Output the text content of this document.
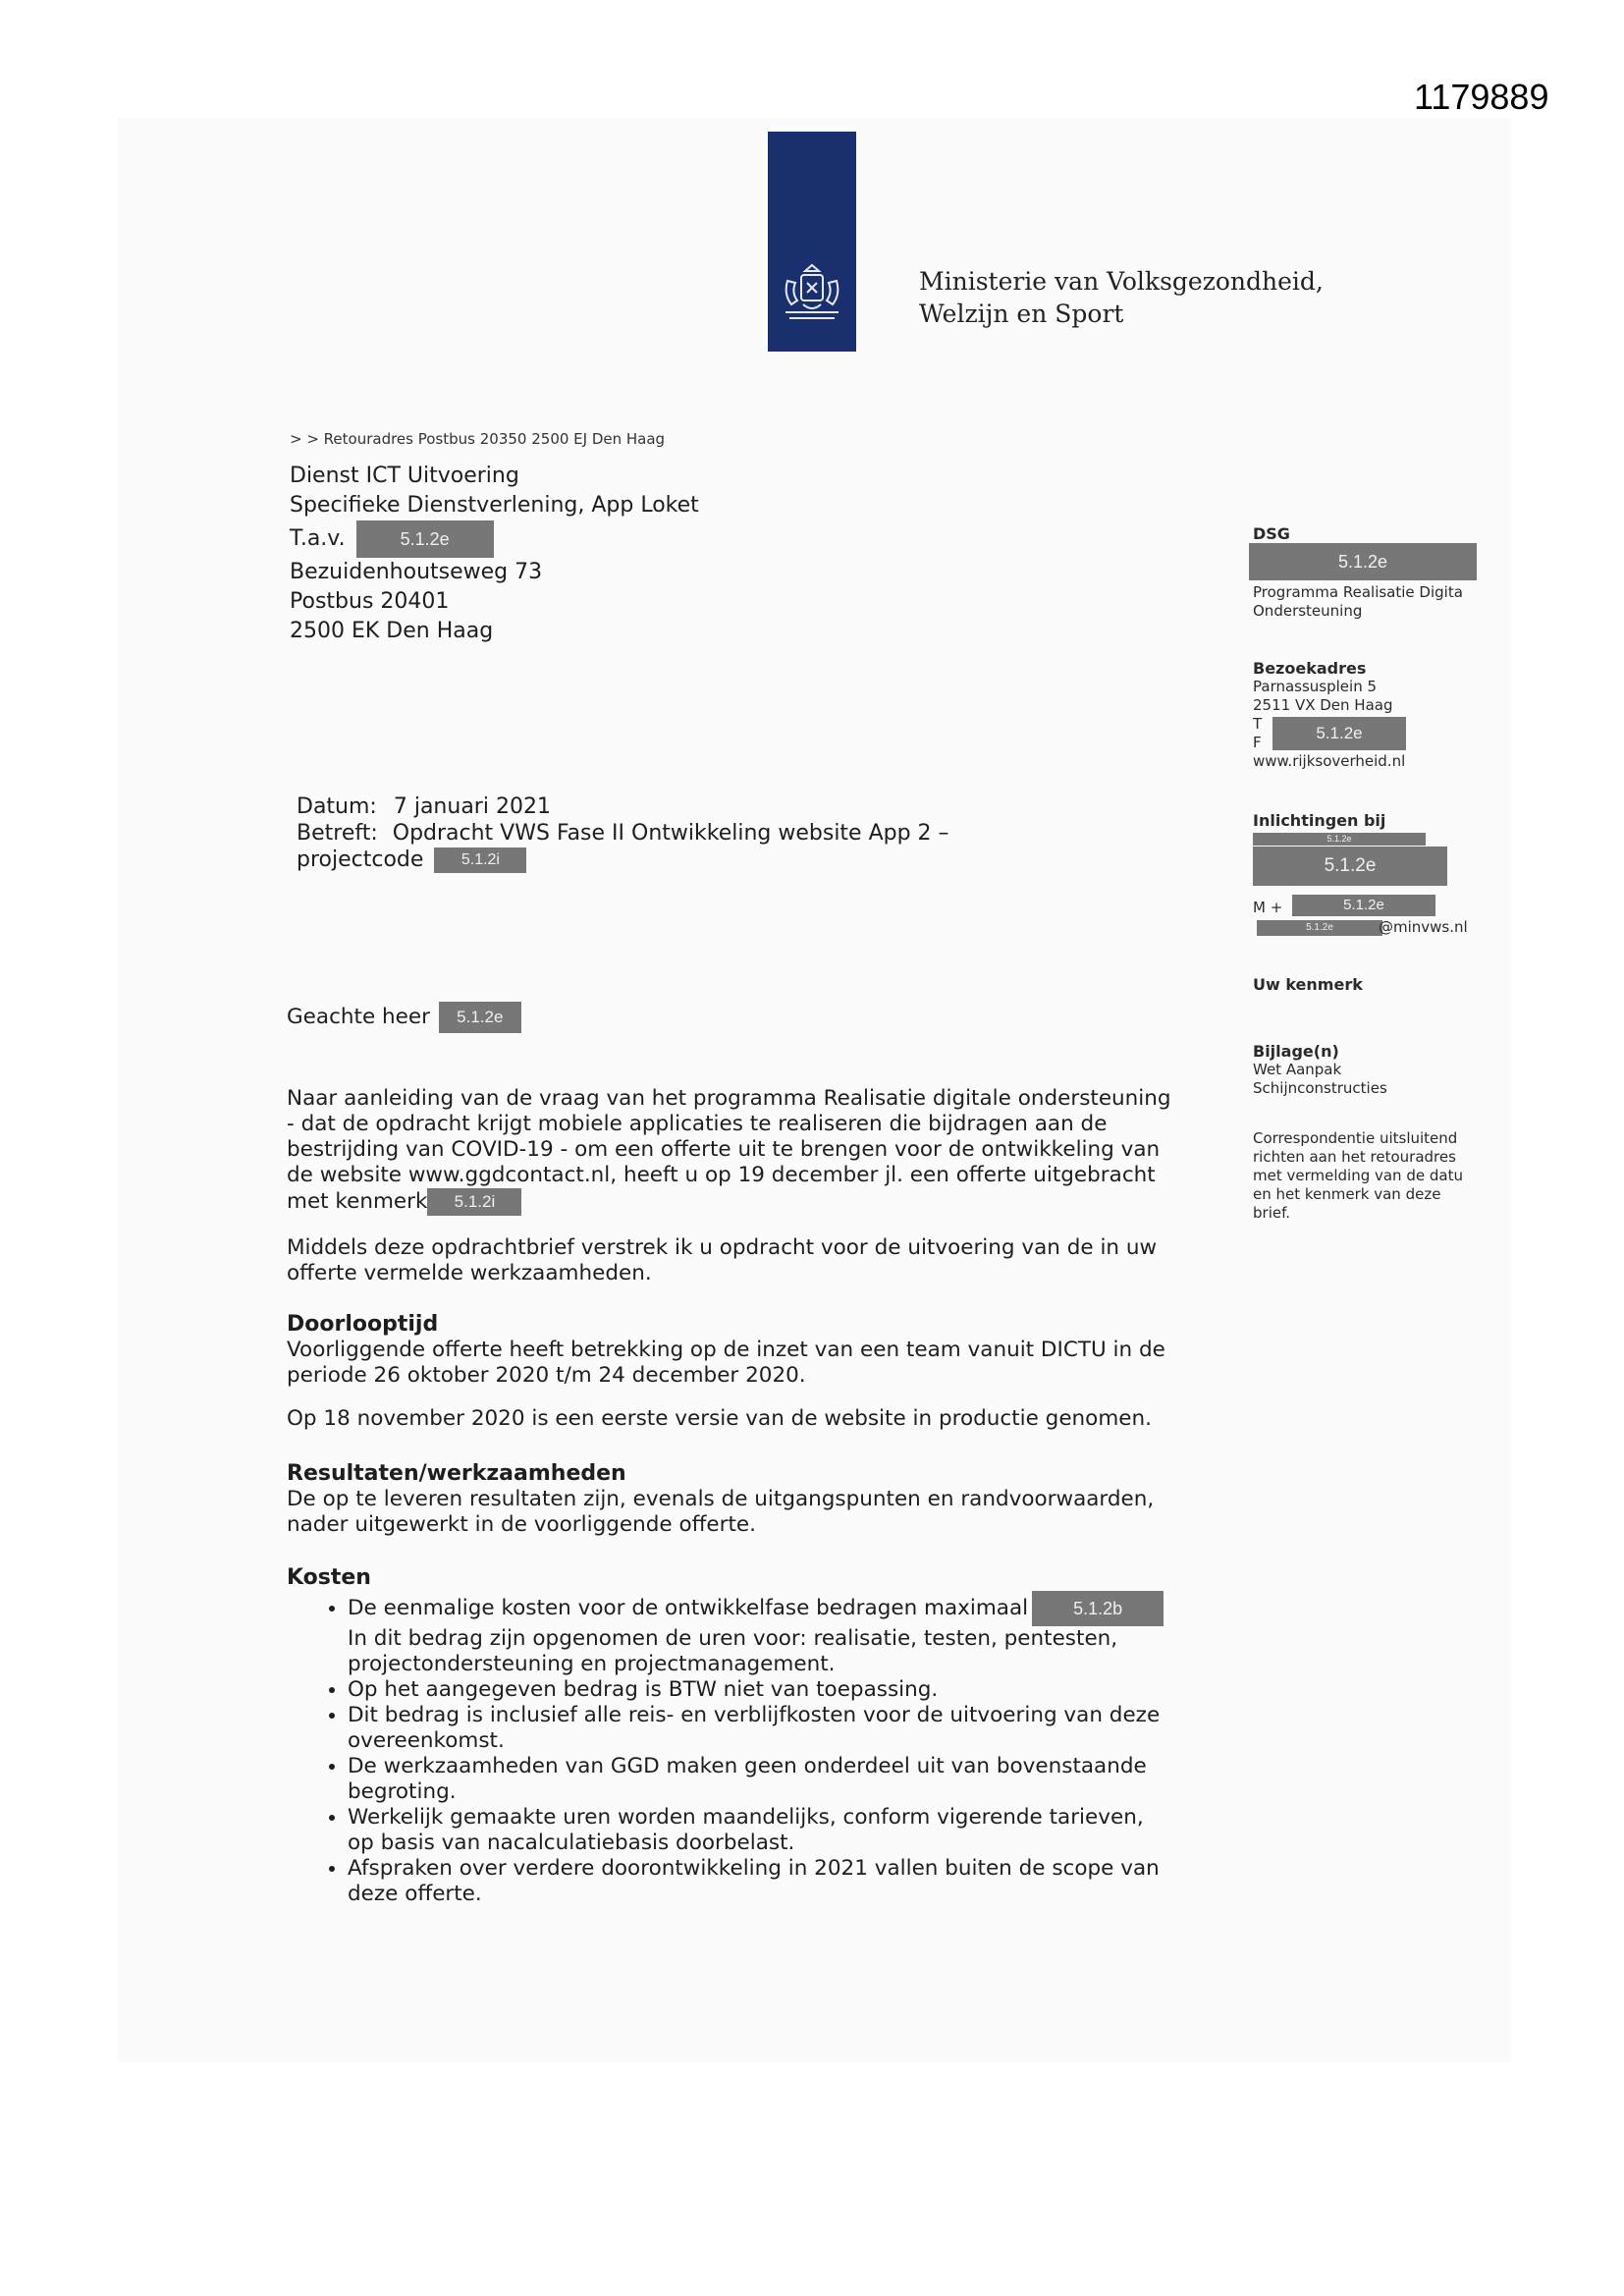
1179889
Ministerie van Volksgezondheid,
Welzijn en Sport
> > Retouradres Postbus 20350 2500 EJ Den Haag
Dienst ICT Uitvoering
Specifieke Dienstverlening, App Loket
T.a.v.	5.1.2e
Bezuidenhoutseweg 73
Postbus 20401
2500 EK Den Haag
DSG
5.1.2e
Programma Realisatie Digita
Ondersteuning
Bezoekadres
Parnassusplein 5
2511 VX Den Haag
T
F
www.rijksoverheid.nl
5.1.2e
Inlichtingen bij
5.1.2e
5.1.2e
M +	5.1.2e
5.1.2e	@minvws.nl
Uw kenmerk
Bijlage(n)
Wet Aanpak
Schijnconstructies
Correspondentie uitsluitend
richten aan het retouradres
met vermelding van de datu
en het kenmerk van deze
brief.
Datum: 7 januari 2021
Betreft: Opdracht VWS Fase II Ontwikkeling website App 2 –
projectcode 5.1.2i
Geachte heer 5.1.2e

Naar aanleiding van de vraag van het programma Realisatie digitale ondersteuning

- dat de opdracht krijgt mobiele applicaties te realiseren die bijdragen aan de

bestrijding van COVID-19 - om een offerte uit te brengen voor de ontwikkeling van

de website www.ggdcontact.nl, heeft u op 19 december jl. een offerte uitgebracht

met kenmerk 5.1.2i

Middels deze opdrachtbrief verstrek ik u opdracht voor de uitvoering van de in uw

offerte vermelde werkzaamheden.

Doorlooptijd

Voorliggende offerte heeft betrekking op de inzet van een team vanuit DICTU in de

periode 26 oktober 2020 t/m 24 december 2020.

Op 18 november 2020 is een eerste versie van de website in productie genomen.

Resultaten/werkzaamheden

De op te leveren resultaten zijn, evenals de uitgangspunten en randvoorwaarden,

nader uitgewerkt in de voorliggende offerte.

Kosten

• De eenmalige kosten voor de ontwikkelfase bedragen maximaal	5.1.2b
In dit bedrag zijn opgenomen de uren voor: realisatie, testen, pentesten,
projectondersteuning en projectmanagement.
• Op het aangegeven bedrag is BTW niet van toepassing.
• Dit bedrag is inclusief alle reis- en verblijfkosten voor de uitvoering van deze
overeenkomst.
• De werkzaamheden van GGD maken geen onderdeel uit van bovenstaande
begroting.
• Werkelijk gemaakte uren worden maandelijks, conform vigerende tarieven,
op basis van nacalculatiebasis doorbelast.
• Afspraken over verdere doorontwikkeling in 2021 vallen buiten de scope van
deze offerte.
